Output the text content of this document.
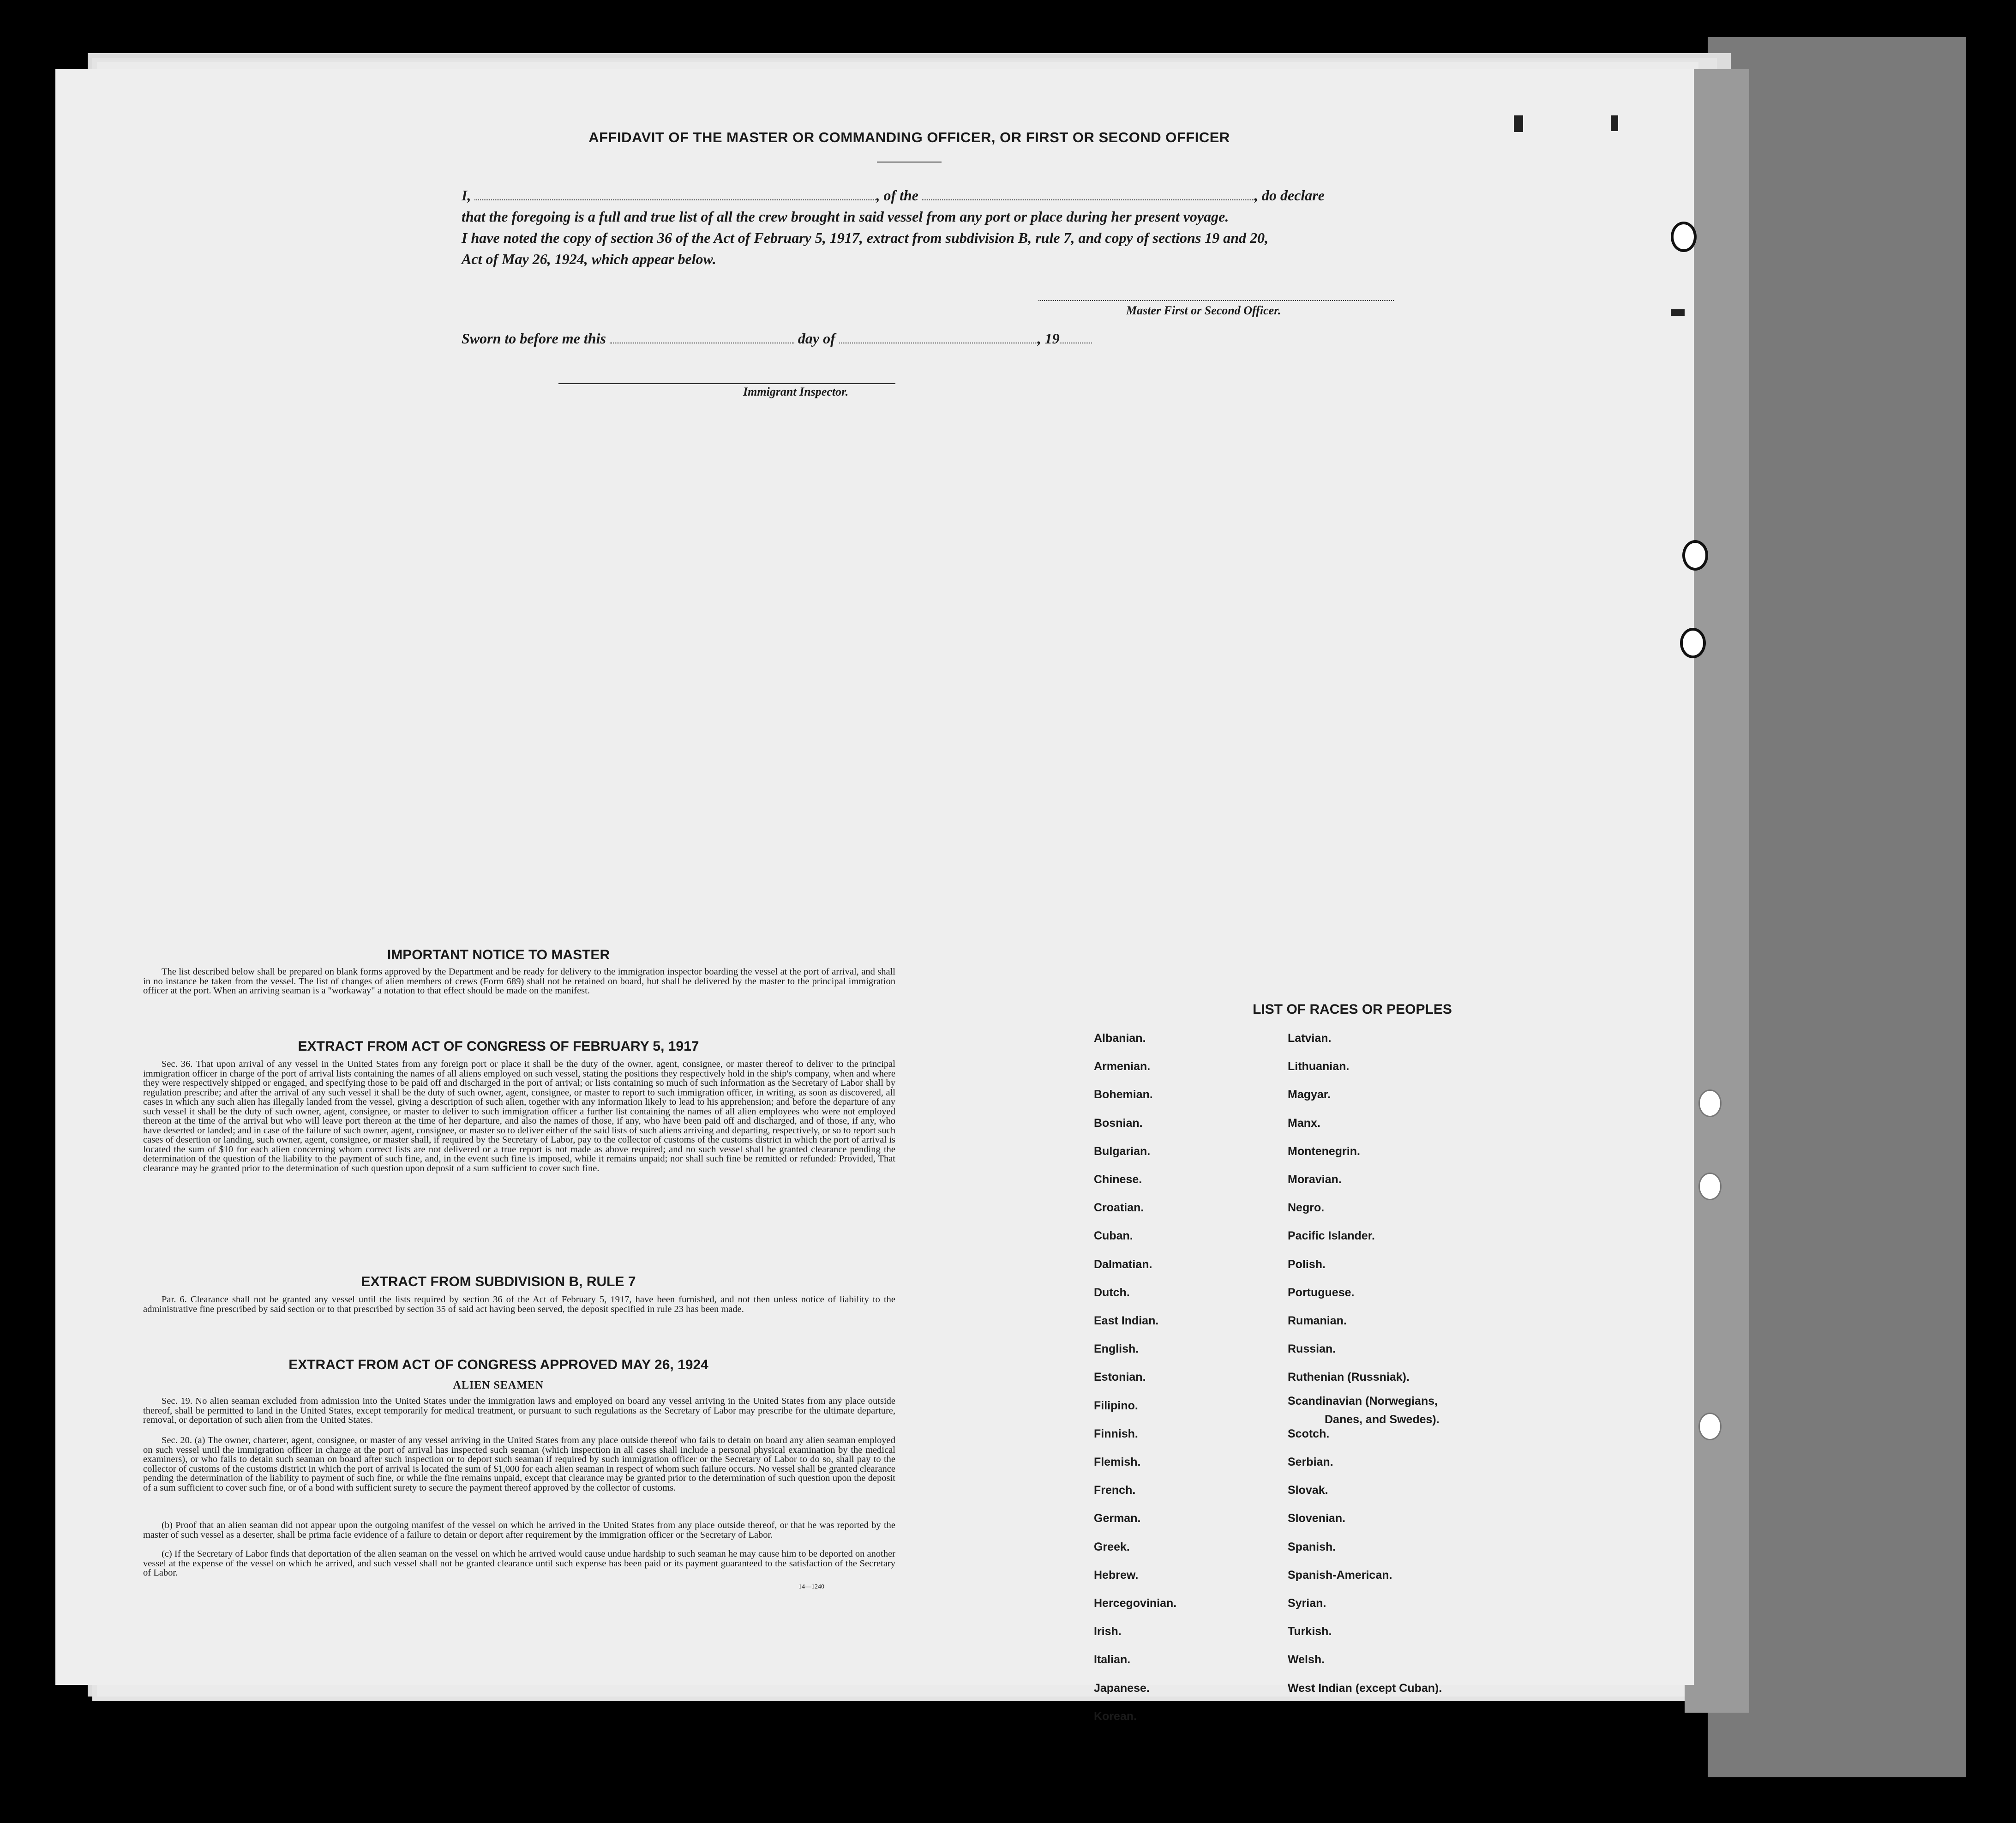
AFFIDAVIT OF THE MASTER OR COMMANDING OFFICER, OR FIRST OR SECOND OFFICER
I,	, of the	, do declare
that the foregoing is a full and true list of all the crew brought in said vessel from any port or place during her present voyage.
I have noted the copy of section 36 of the Act of February 5, 1917, extract from subdivision B, rule 7, and copy of sections 19 and 20,
Act of May 26, 1924, which appear below.
Master First or Second Officer.
Sworn to before me this	day of	, 19
Immigrant Inspector.
IMPORTANT NOTICE TO MASTER
The list described below shall be prepared on blank forms approved by the Department and be ready for delivery to the immigration inspector boarding the vessel at the port of arrival, and shall in no instance be taken from the vessel. The list of changes of alien members of crews (Form 689) shall not be retained on board, but shall be delivered by the master to the principal immigration officer at the port. When an arriving seaman is a "workaway" a notation to that effect should be made on the manifest.
EXTRACT FROM ACT OF CONGRESS OF FEBRUARY 5, 1917
Sec. 36. That upon arrival of any vessel in the United States from any foreign port or place it shall be the duty of the owner, agent, consignee, or master thereof to deliver to the principal immigration officer in charge of the port of arrival lists containing the names of all aliens employed on such vessel, stating the positions they respectively hold in the ship's company, when and where they were respectively shipped or engaged, and specifying those to be paid off and discharged in the port of arrival; or lists containing so much of such information as the Secretary of Labor shall by regulation prescribe; and after the arrival of any such vessel it shall be the duty of such owner, agent, consignee, or master to report to such immigration officer, in writing, as soon as discovered, all cases in which any such alien has illegally landed from the vessel, giving a description of such alien, together with any information likely to lead to his apprehension; and before the departure of any such vessel it shall be the duty of such owner, agent, consignee, or master to deliver to such immigration officer a further list containing the names of all alien employees who were not employed thereon at the time of the arrival but who will leave port thereon at the time of her departure, and also the names of those, if any, who have been paid off and discharged, and of those, if any, who have deserted or landed; and in case of the failure of such owner, agent, consignee, or master so to deliver either of the said lists of such aliens arriving and departing, respectively, or so to report such cases of desertion or landing, such owner, agent, consignee, or master shall, if required by the Secretary of Labor, pay to the collector of customs of the customs district in which the port of arrival is located the sum of $10 for each alien concerning whom correct lists are not delivered or a true report is not made as above required; and no such vessel shall be granted clearance pending the determination of the question of the liability to the payment of such fine, and, in the event such fine is imposed, while it remains unpaid; nor shall such fine be remitted or refunded: Provided, That clearance may be granted prior to the determination of such question upon deposit of a sum sufficient to cover such fine.
EXTRACT FROM SUBDIVISION B, RULE 7
Par. 6. Clearance shall not be granted any vessel until the lists required by section 36 of the Act of February 5, 1917, have been furnished, and not then unless notice of liability to the administrative fine prescribed by said section or to that prescribed by section 35 of said act having been served, the deposit specified in rule 23 has been made.
EXTRACT FROM ACT OF CONGRESS APPROVED MAY 26, 1924
ALIEN SEAMEN
Sec. 19. No alien seaman excluded from admission into the United States under the immigration laws and employed on board any vessel arriving in the United States from any place outside thereof, shall be permitted to land in the United States, except temporarily for medical treatment, or pursuant to such regulations as the Secretary of Labor may prescribe for the ultimate departure, removal, or deportation of such alien from the United States.
Sec. 20. (a) The owner, charterer, agent, consignee, or master of any vessel arriving in the United States from any place outside thereof who fails to detain on board any alien seaman employed on such vessel until the immigration officer in charge at the port of arrival has inspected such seaman (which inspection in all cases shall include a personal physical examination by the medical examiners), or who fails to detain such seaman on board after such inspection or to deport such seaman if required by such immigration officer or the Secretary of Labor to do so, shall pay to the collector of customs of the customs district in which the port of arrival is located the sum of $1,000 for each alien seaman in respect of whom such failure occurs. No vessel shall be granted clearance pending the determination of the liability to payment of such fine, or while the fine remains unpaid, except that clearance may be granted prior to the determination of such question upon the deposit of a sum sufficient to cover such fine, or of a bond with sufficient surety to secure the payment thereof approved by the collector of customs.
(b) Proof that an alien seaman did not appear upon the outgoing manifest of the vessel on which he arrived in the United States from any place outside thereof, or that he was reported by the master of such vessel as a deserter, shall be prima facie evidence of a failure to detain or deport after requirement by the immigration officer or the Secretary of Labor.
(c) If the Secretary of Labor finds that deportation of the alien seaman on the vessel on which he arrived would cause undue hardship to such seaman he may cause him to be deported on another vessel at the expense of the vessel on which he arrived, and such vessel shall not be granted clearance until such expense has been paid or its payment guaranteed to the satisfaction of the Secretary of Labor.
14—1240
LIST OF RACES OR PEOPLES
Albanian.
Armenian.
Bohemian.
Bosnian.
Bulgarian.
Chinese.
Croatian.
Cuban.
Dalmatian.
Dutch.
East Indian.
English.
Estonian.
Filipino.
Finnish.
Flemish.
French.
German.
Greek.
Hebrew.
Hercegovinian.
Irish.
Italian.
Japanese.
Korean.
Latvian.
Lithuanian.
Magyar.
Manx.
Montenegrin.
Moravian.
Negro.
Pacific Islander.
Polish.
Portuguese.
Rumanian.
Russian.
Ruthenian (Russniak).
Scandinavian (Norwegians,
Danes, and Swedes).
Scotch.
Serbian.
Slovak.
Slovenian.
Spanish.
Spanish-American.
Syrian.
Turkish.
Welsh.
West Indian (except Cuban).
